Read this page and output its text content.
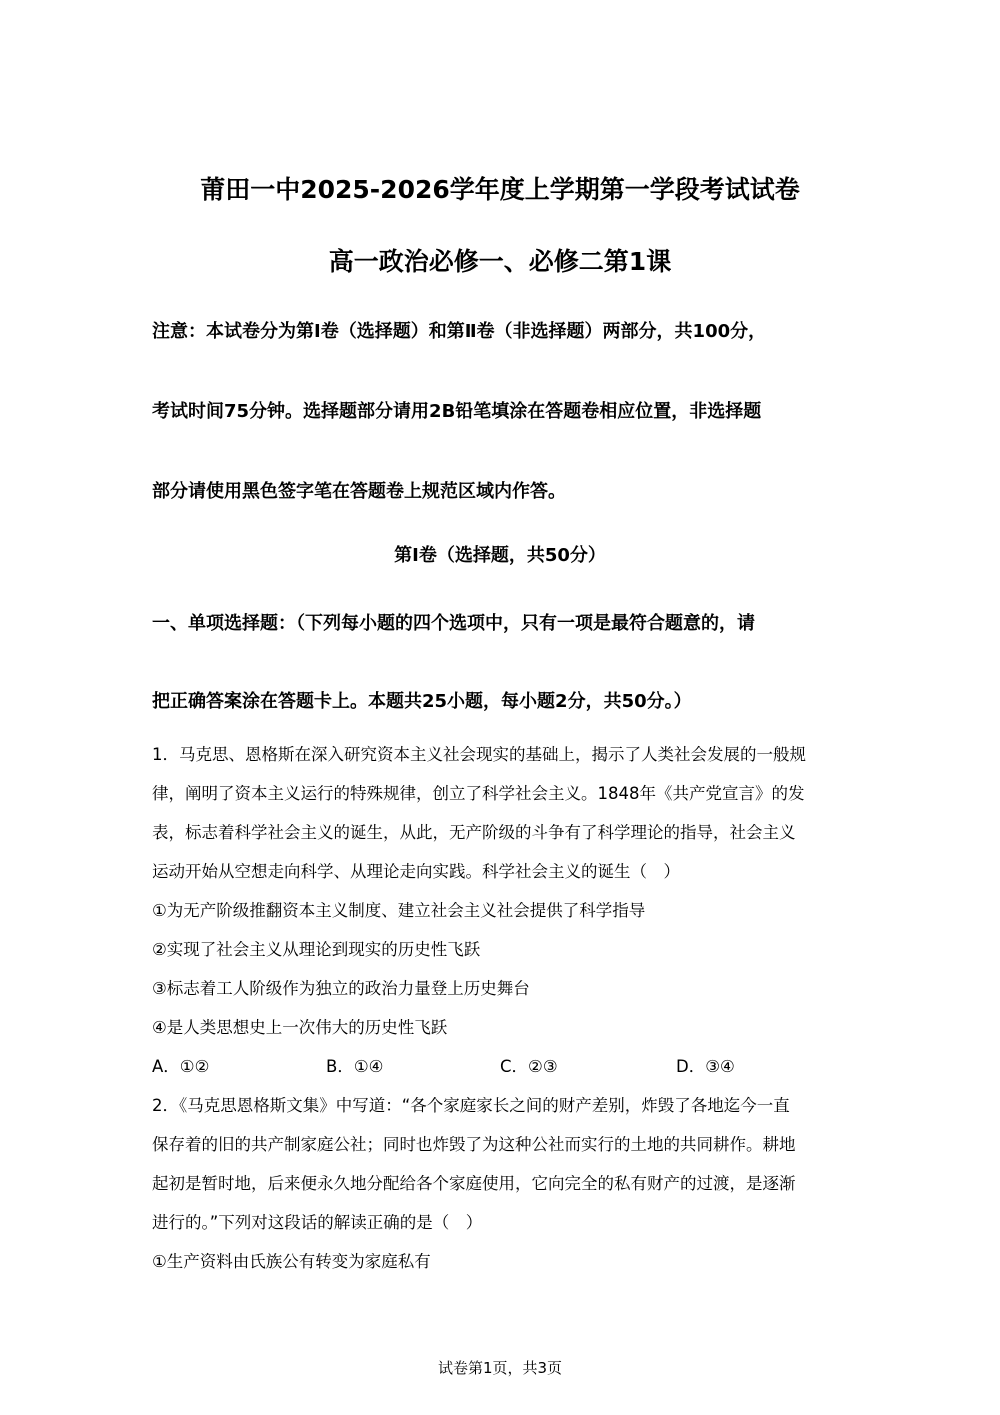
莆田一中2025-2026学年度上学期第一学段考试试卷
高一政治必修一、必修二第1课
注意：本试卷分为第Ⅰ卷（选择题）和第Ⅱ卷（非选择题）两部分，共100分，
考试时间75分钟。选择题部分请用2B铅笔填涂在答题卷相应位置，非选择题
部分请使用黑色签字笔在答题卷上规范区域内作答。
第Ⅰ卷（选择题，共50分）
一、单项选择题：（下列每小题的四个选项中，只有一项是最符合题意的，请
把正确答案涂在答题卡上。本题共25小题，每小题2分，共50分。）
1．马克思、恩格斯在深入研究资本主义社会现实的基础上，揭示了人类社会发展的一般规
律，阐明了资本主义运行的特殊规律，创立了科学社会主义。1848年《共产党宣言》的发
表，标志着科学社会主义的诞生，从此，无产阶级的斗争有了科学理论的指导，社会主义
运动开始从空想走向科学、从理论走向实践。科学社会主义的诞生（　）
①为无产阶级推翻资本主义制度、建立社会主义社会提供了科学指导
②实现了社会主义从理论到现实的历史性飞跃
③标志着工人阶级作为独立的政治力量登上历史舞台
④是人类思想史上一次伟大的历史性飞跃
A．①②	B．①④	C．②③	D．③④
2．《马克思恩格斯文集》中写道：“各个家庭家长之间的财产差别，炸毁了各地迄今一直
保存着的旧的共产制家庭公社；同时也炸毁了为这种公社而实行的土地的共同耕作。耕地
起初是暂时地，后来便永久地分配给各个家庭使用，它向完全的私有财产的过渡，是逐渐
进行的。”下列对这段话的解读正确的是（　）
①生产资料由氏族公有转变为家庭私有
试卷第1页，共3页
